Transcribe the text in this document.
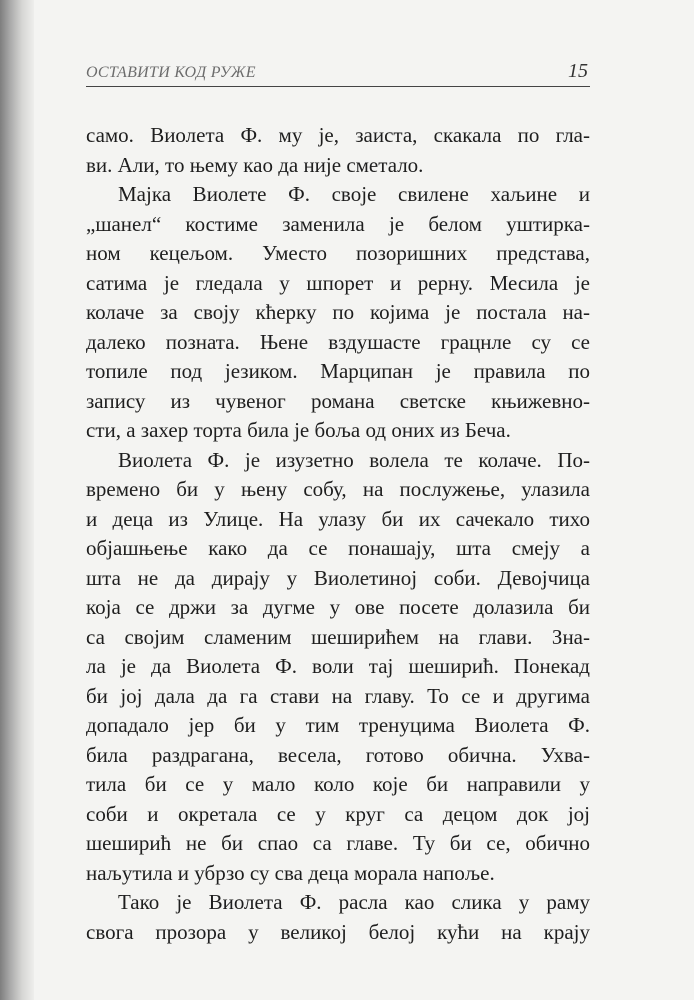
ОСТАВИТИ КОД РУЖЕ	15
само. Виолета Ф. му је, заиста, скакала по гла-
ви. Али, то њему као да није сметало.
Мајка Виолете Ф. своје свилене хаљине и
„шанел“ костиме заменила је белом уштирка-
ном кецељом. Уместо позоришних представа,
сатима је гледала у шпорет и рерну. Месила је
колаче за своју кћерку по којима је постала на-
далеко позната. Њене вздушасте грацнле су се
топиле под језиком. Марципан је правила по
запису из чувеног романа светске књижевно-
сти, а захер торта била је боља од оних из Беча.
Виолета Ф. је изузетно волела те колаче. По-
времено би у њену собу, на послужење, улазила
и деца из Улице. На улазу би их сачекало тихо
објашњење како да се понашају, шта смеју а
шта не да дирају у Виолетиној соби. Девојчица
која се држи за дугме у ове посете долазила би
са својим сламеним шеширићем на глави. Зна-
ла је да Виолета Ф. воли тај шеширић. Понекад
би јој дала да га стави на главу. То се и другима
допадало јер би у тим тренуцима Виолета Ф.
била раздрагана, весела, готово обична. Ухва-
тила би се у мало коло које би направили у
соби и окретала се у круг са децом док јој
шеширић не би спао са главе. Ту би се, обично
наљутила и убрзо су сва деца морала напоље.
Тако је Виолета Ф. расла као слика у раму
свога прозора у великој белој кући на крају
